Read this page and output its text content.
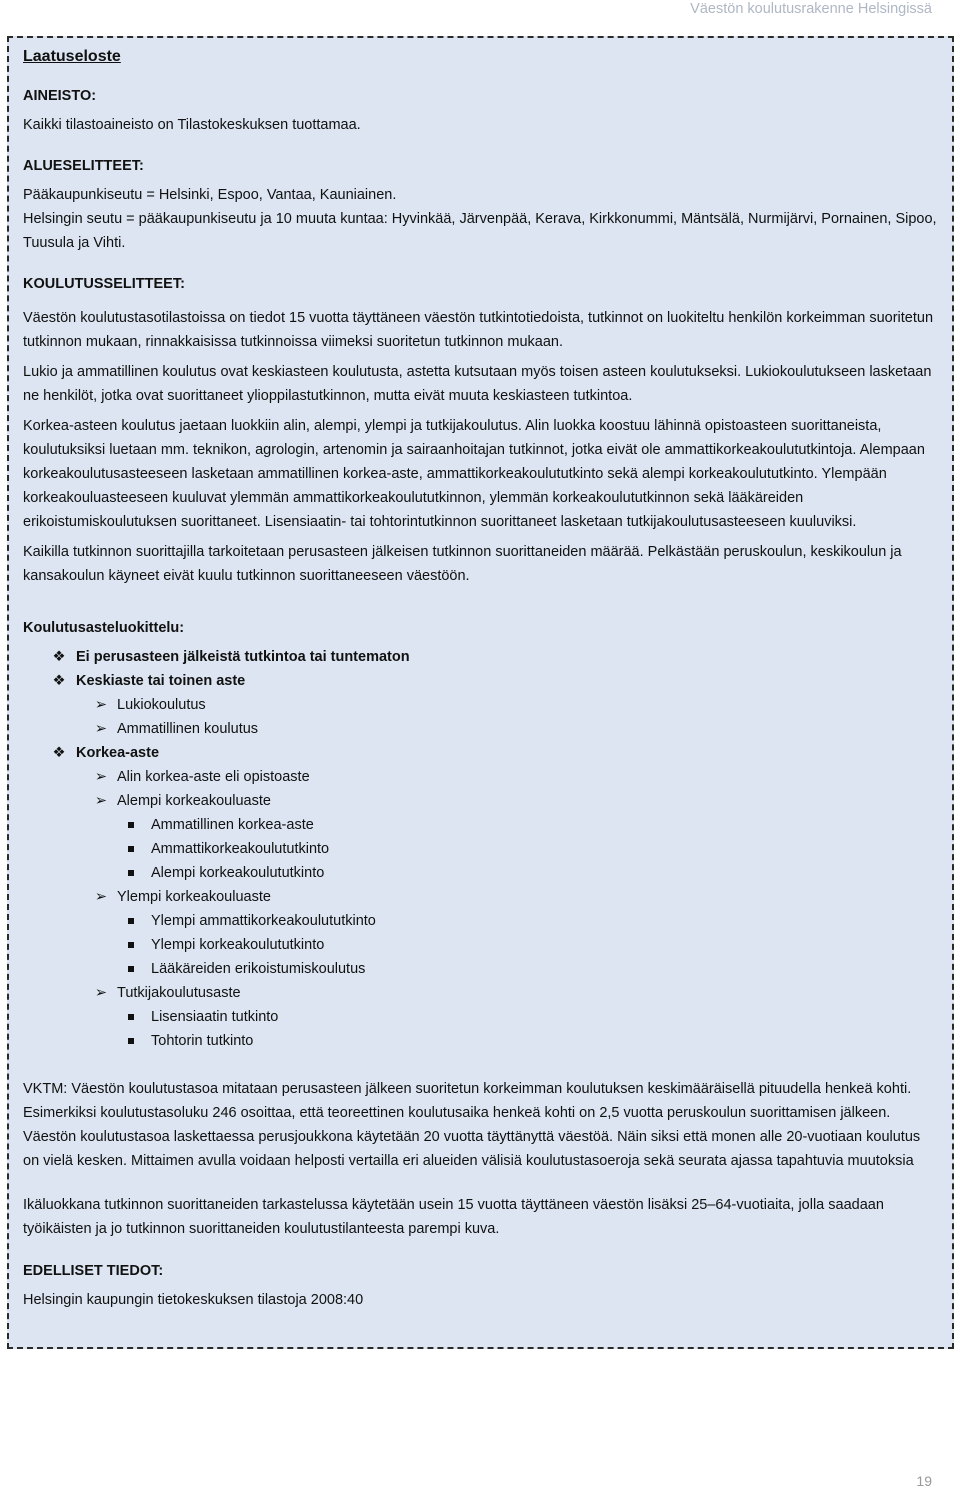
Väestön koulutusrakenne Helsingissä

Laatuseloste

AINEISTO:

Kaikki tilastoaineisto on Tilastokeskuksen tuottamaa.

ALUESELITTEET:

Pääkaupunkiseutu = Helsinki, Espoo, Vantaa, Kauniainen.

Helsingin seutu = pääkaupunkiseutu ja 10 muuta kuntaa: Hyvinkää, Järvenpää, Kerava, Kirkkonummi, Mäntsälä, Nurmijärvi, Pornainen, Sipoo, Tuusula ja Vihti.

KOULUTUSSELITTEET:

Väestön koulutustasotilastoissa on tiedot 15 vuotta täyttäneen väestön tutkintotiedoista, tutkinnot on luokiteltu henkilön korkeimman suoritetun tutkinnon mukaan, rinnakkaisissa tutkinnoissa viimeksi suoritetun tutkinnon mukaan.

Lukio ja ammatillinen koulutus ovat keskiasteen koulutusta, astetta kutsutaan myös toisen asteen koulutukseksi. Lukiokoulutukseen lasketaan ne henkilöt, jotka ovat suorittaneet ylioppilastutkinnon, mutta eivät muuta keskiasteen tutkintoa.

Korkea-asteen koulutus jaetaan luokkiin alin, alempi, ylempi ja tutkijakoulutus. Alin luokka koostuu lähinnä opistoasteen suorittaneista, koulutuksiksi luetaan mm. teknikon, agrologin, artenomin ja sairaanhoitajan tutkinnot, jotka eivät ole ammattikorkeakoulututkintoja. Alempaan korkeakoulutusasteeseen lasketaan ammatillinen korkea-aste, ammattikorkeakoulututkinto sekä alempi korkeakoulututkinto. Ylempään korkeakouluasteeseen kuuluvat ylemmän ammattikorkeakoulututkinnon, ylemmän korkeakoulututkinnon sekä lääkäreiden erikoistumiskoulutuksen suorittaneet. Lisensiaatin- tai tohtorintutkinnon suorittaneet lasketaan tutkijakoulutusasteeseen kuuluviksi.

Kaikilla tutkinnon suorittajilla tarkoitetaan perusasteen jälkeisen tutkinnon suorittaneiden määrää. Pelkästään peruskoulun, keskikoulun ja kansakoulun käyneet eivät kuulu tutkinnon suorittaneeseen väestöön.

Koulutusasteluokittelu:

❖ Ei perusasteen jälkeistä tutkintoa tai tuntematon
❖ Keskiaste tai toinen aste
➢ Lukiokoulutus
➢ Ammatillinen koulutus
❖ Korkea-aste
➢ Alin korkea-aste eli opistoaste
➢ Alempi korkeakouluaste
Ammatillinen korkea-aste
Ammattikorkeakoulututkinto
Alempi korkeakoulututkinto
➢ Ylempi korkeakouluaste
Ylempi ammattikorkeakoulututkinto
Ylempi korkeakoulututkinto
Lääkäreiden erikoistumiskoulutus
➢ Tutkijakoulutusaste
Lisensiaatin tutkinto
Tohtorin tutkinto

VKTM: Väestön koulutustasoa mitataan perusasteen jälkeen suoritetun korkeimman koulutuksen keskimääräisellä pituudella henkeä kohti. Esimerkiksi koulutustasoluku 246 osoittaa, että teoreettinen koulutusaika henkeä kohti on 2,5 vuotta peruskoulun suorittamisen jälkeen. Väestön koulutustasoa laskettaessa perusjoukkona käytetään 20 vuotta täyttänyttä väestöä. Näin siksi että monen alle 20-vuotiaan koulutus on vielä kesken. Mittaimen avulla voidaan helposti vertailla eri alueiden välisiä koulutustasoeroja sekä seurata ajassa tapahtuvia muutoksia

Ikäluokkana tutkinnon suorittaneiden tarkastelussa käytetään usein 15 vuotta täyttäneen väestön lisäksi 25–64-vuotiaita, jolla saadaan työikäisten ja jo tutkinnon suorittaneiden koulutustilanteesta parempi kuva.

EDELLISET TIEDOT:

Helsingin kaupungin tietokeskuksen tilastoja 2008:40

19
